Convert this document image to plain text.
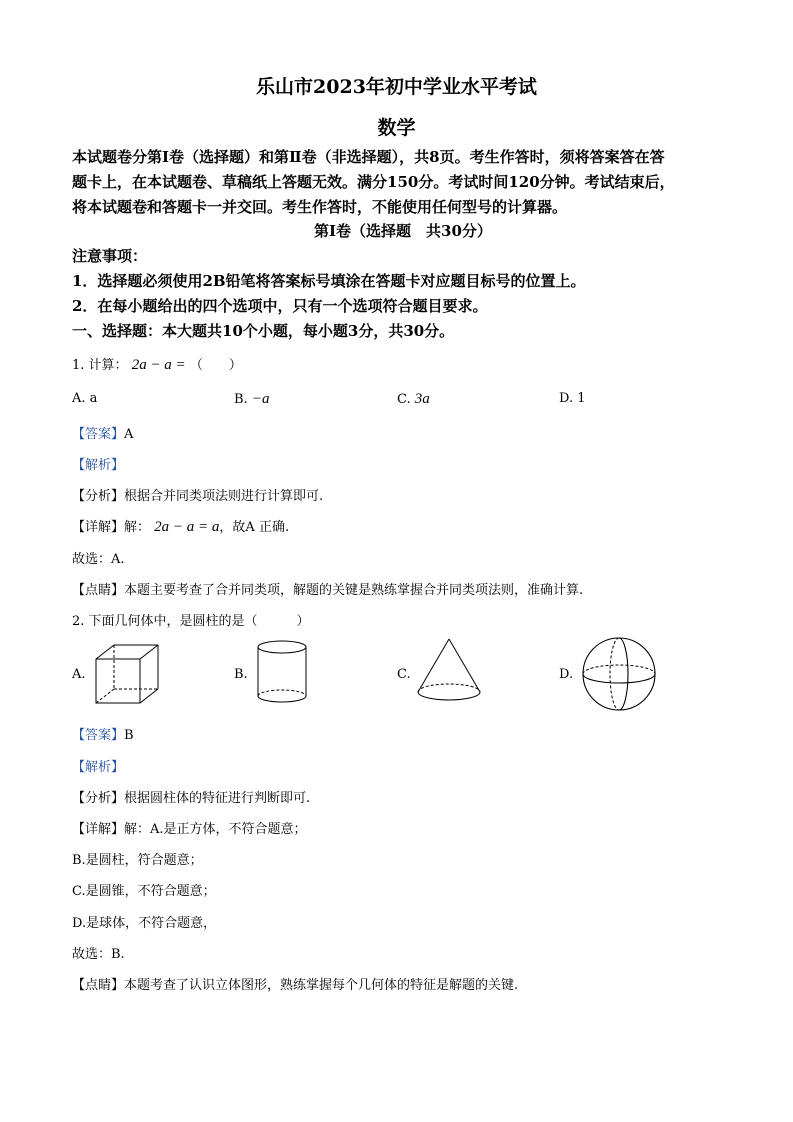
乐山市2023年初中学业水平考试
数学
本试题卷分第I卷（选择题）和第Ⅱ卷（非选择题），共8页。考生作答时，须将答案答在答
题卡上，在本试题卷、草稿纸上答题无效。满分150分。考试时间120分钟。考试结束后，
将本试题卷和答题卡一并交回。考生作答时，不能使用任何型号的计算器。
第I卷（选择题　共30分）
注意事项：
1．选择题必须使用2B铅笔将答案标号填涂在答题卡对应题目标号的位置上。
2．在每小题给出的四个选项中，只有一个选项符合题目要求。
一、选择题：本大题共10个小题，每小题3分，共30分。
1. 计算： 2a − a = （　　）
A. a	B. −a	C. 3a	D. 1
【答案】A
【解析】
【分析】根据合并同类项法则进行计算即可.
【详解】解： 2a − a = a，故A 正确.
故选：A.
【点睛】本题主要考查了合并同类项，解题的关键是熟练掌握合并同类项法则，准确计算.
2. 下面几何体中，是圆柱的是（　　　）
A.	B.	C.	D.
【答案】B
【解析】
【分析】根据圆柱体的特征进行判断即可.
【详解】解：A.是正方体，不符合题意；
B.是圆柱，符合题意；
C.是圆锥，不符合题意；
D.是球体，不符合题意，
故选：B.
【点睛】本题考查了认识立体图形，熟练掌握每个几何体的特征是解题的关键.
